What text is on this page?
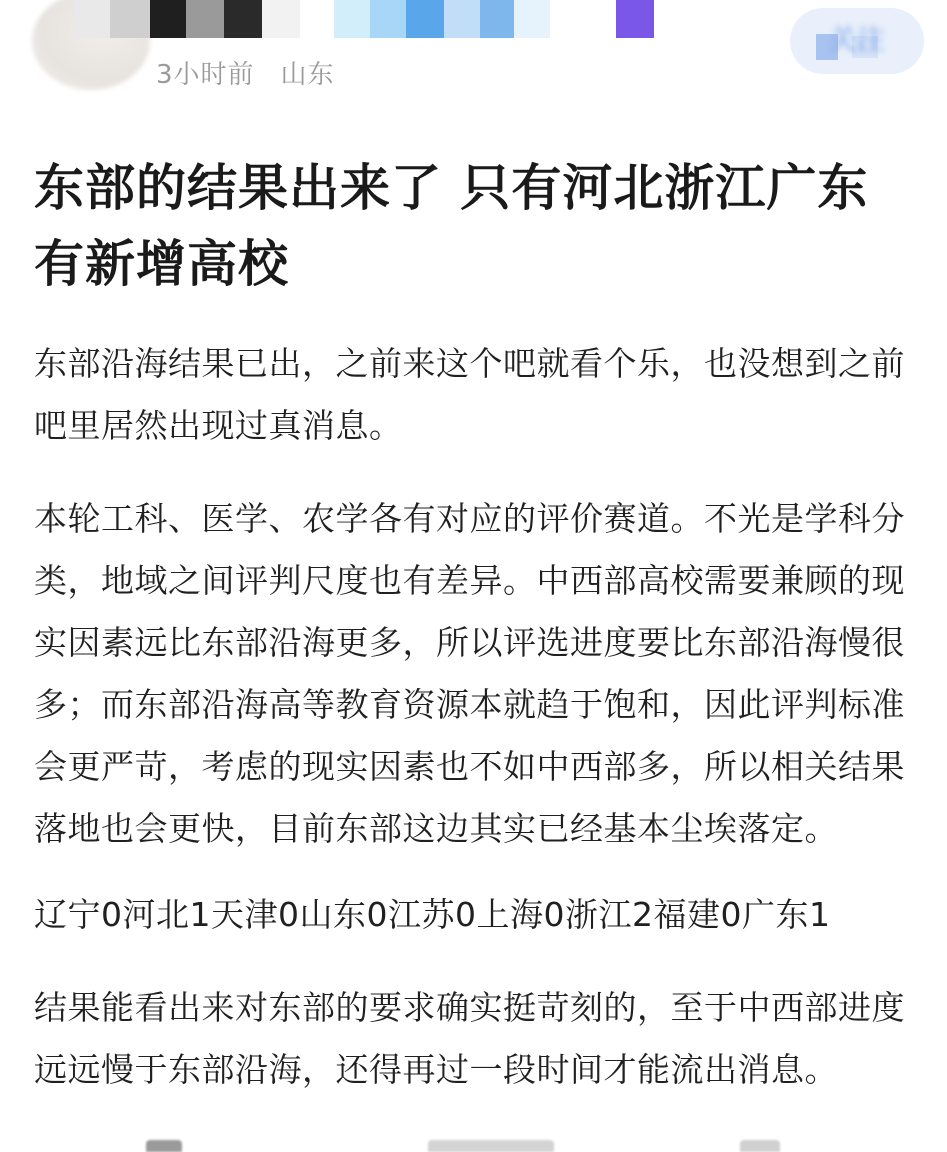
3小时前 山东
关注
东部的结果出来了 只有河北浙江广东有新增高校

东部沿海结果已出，之前来这个吧就看个乐，也没想到之前吧里居然出现过真消息。

本轮工科、医学、农学各有对应的评价赛道。不光是学科分类，地域之间评判尺度也有差异。中西部高校需要兼顾的现实因素远比东部沿海更多，所以评选进度要比东部沿海慢很多；而东部沿海高等教育资源本就趋于饱和，因此评判标准会更严苛，考虑的现实因素也不如中西部多，所以相关结果落地也会更快，目前东部这边其实已经基本尘埃落定。

辽宁0河北1天津0山东0江苏0上海0浙江2福建0广东1

结果能看出来对东部的要求确实挺苛刻的，至于中西部进度远远慢于东部沿海，还得再过一段时间才能流出消息。
